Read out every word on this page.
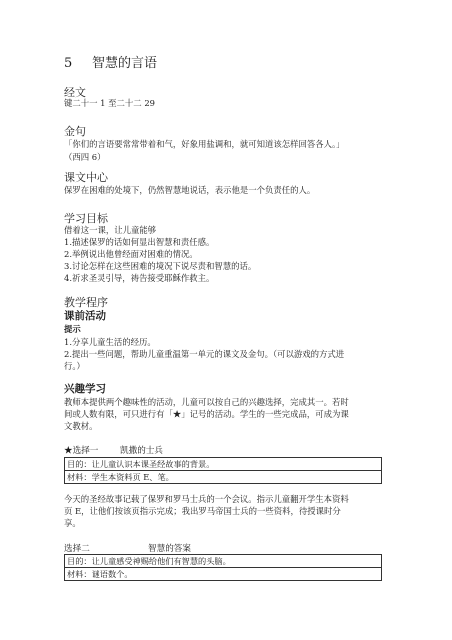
5 智慧的言语
经文
键二十一 1 至二十二 29
金句
「你们的言语要常常带着和气，好象用盐调和，就可知道该怎样回答各人。」
（西四 6）
课文中心
保罗在困难的处境下，仍然智慧地说话，表示他是一个负责任的人。
学习目标
借着这一课，让儿童能够
1.描述保罗的话如何显出智慧和责任感。
2.举例说出他曾经面对困难的情况。
3.讨论怎样在这些困难的境况下说尽责和智慧的话。
4.祈求圣灵引导，祷告接受耶稣作救主。
教学程序
课前活动
提示
1.分享儿童生活的经历。
2.提出一些问题，帮助儿童重温第一单元的课文及金句。（可以游戏的方式进
行。）
兴趣学习
教师本提供两个趣味性的活动，儿童可以按自己的兴趣选择，完成其一。若时
间或人数有限，可只进行有「★」记号的活动。学生的一些完成品，可成为课
文教材。
★选择一	凯撒的士兵
目的：让儿童认识本课圣经故事的背景。
材料：学生本资料页 E、笔。
今天的圣经故事记载了保罗和罗马士兵的一个会议。指示儿童翻开学生本资料
页 E，让他们按该页指示完成；我出罗马帝国士兵的一些资料，待授课时分
享。
选择二	智慧的答案
目的：让儿童感受神赐给他们有智慧的头脑。
材料：谜语数个。
